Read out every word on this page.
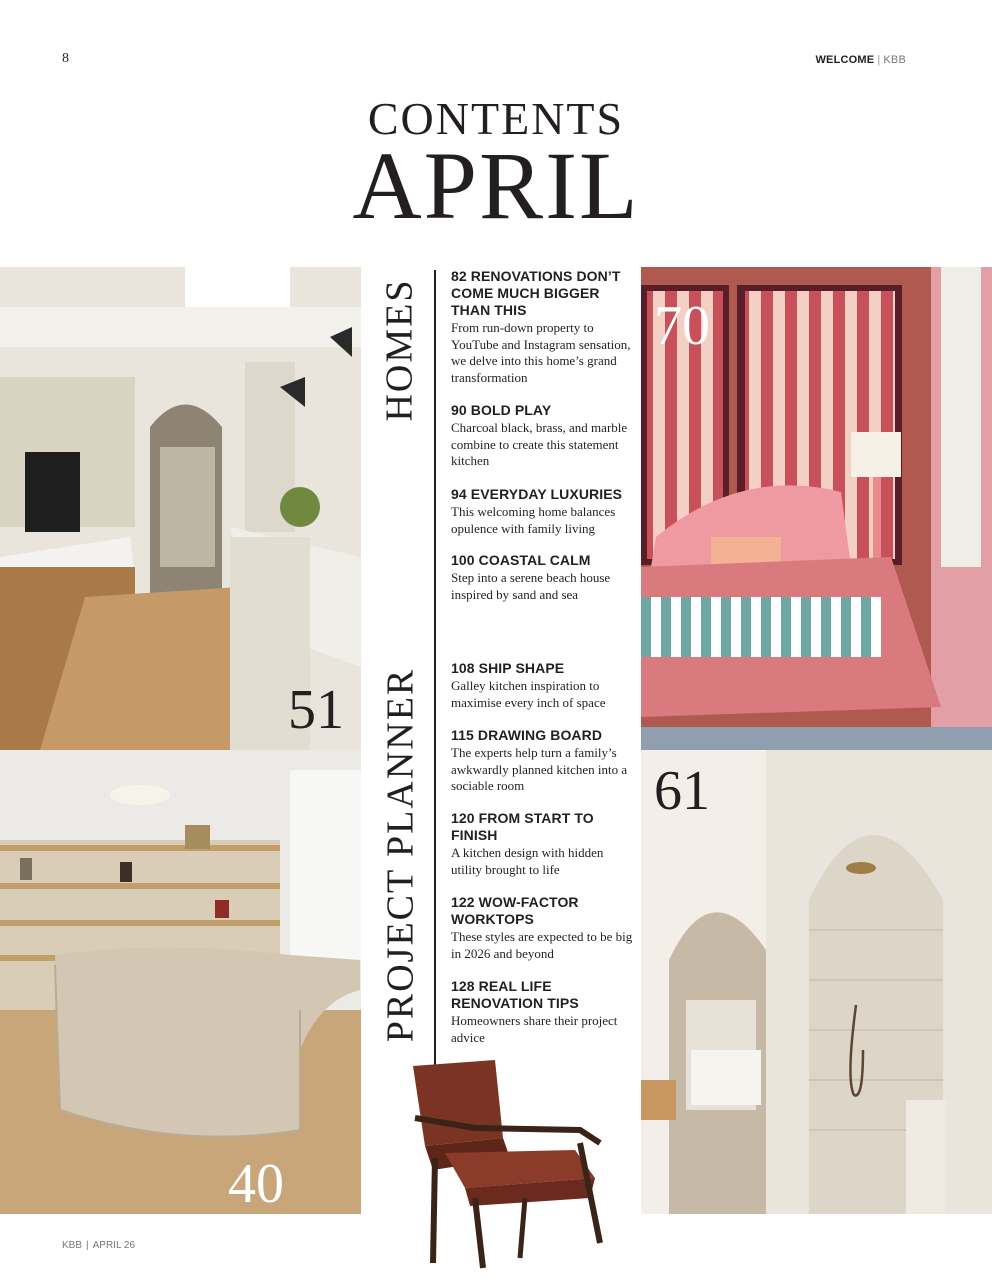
8	WELCOME | KBB
CONTENTS
APRIL
51
40
HOMES
PROJECT PLANNER
82 RENOVATIONS DON’T COME MUCH BIGGER THAN THIS
From run-down property to YouTube and Instagram sensation, we delve into this home’s grand transformation
90 BOLD PLAY
Charcoal black, brass, and marble combine to create this statement kitchen
94 EVERYDAY LUXURIES
This welcoming home balances opulence with family living
100 COASTAL CALM
Step into a serene beach house inspired by sand and sea
108 SHIP SHAPE
Galley kitchen inspiration to maximise every inch of space
115 DRAWING BOARD
The experts help turn a family’s awkwardly planned kitchen into a sociable room
120 FROM START TO FINISH
A kitchen design with hidden utility brought to life
122 WOW-FACTOR WORKTOPS
These styles are expected to be big in 2026 and beyond
128 REAL LIFE RENOVATION TIPS
Homeowners share their project advice
70
61
KBB | APRIL 26
